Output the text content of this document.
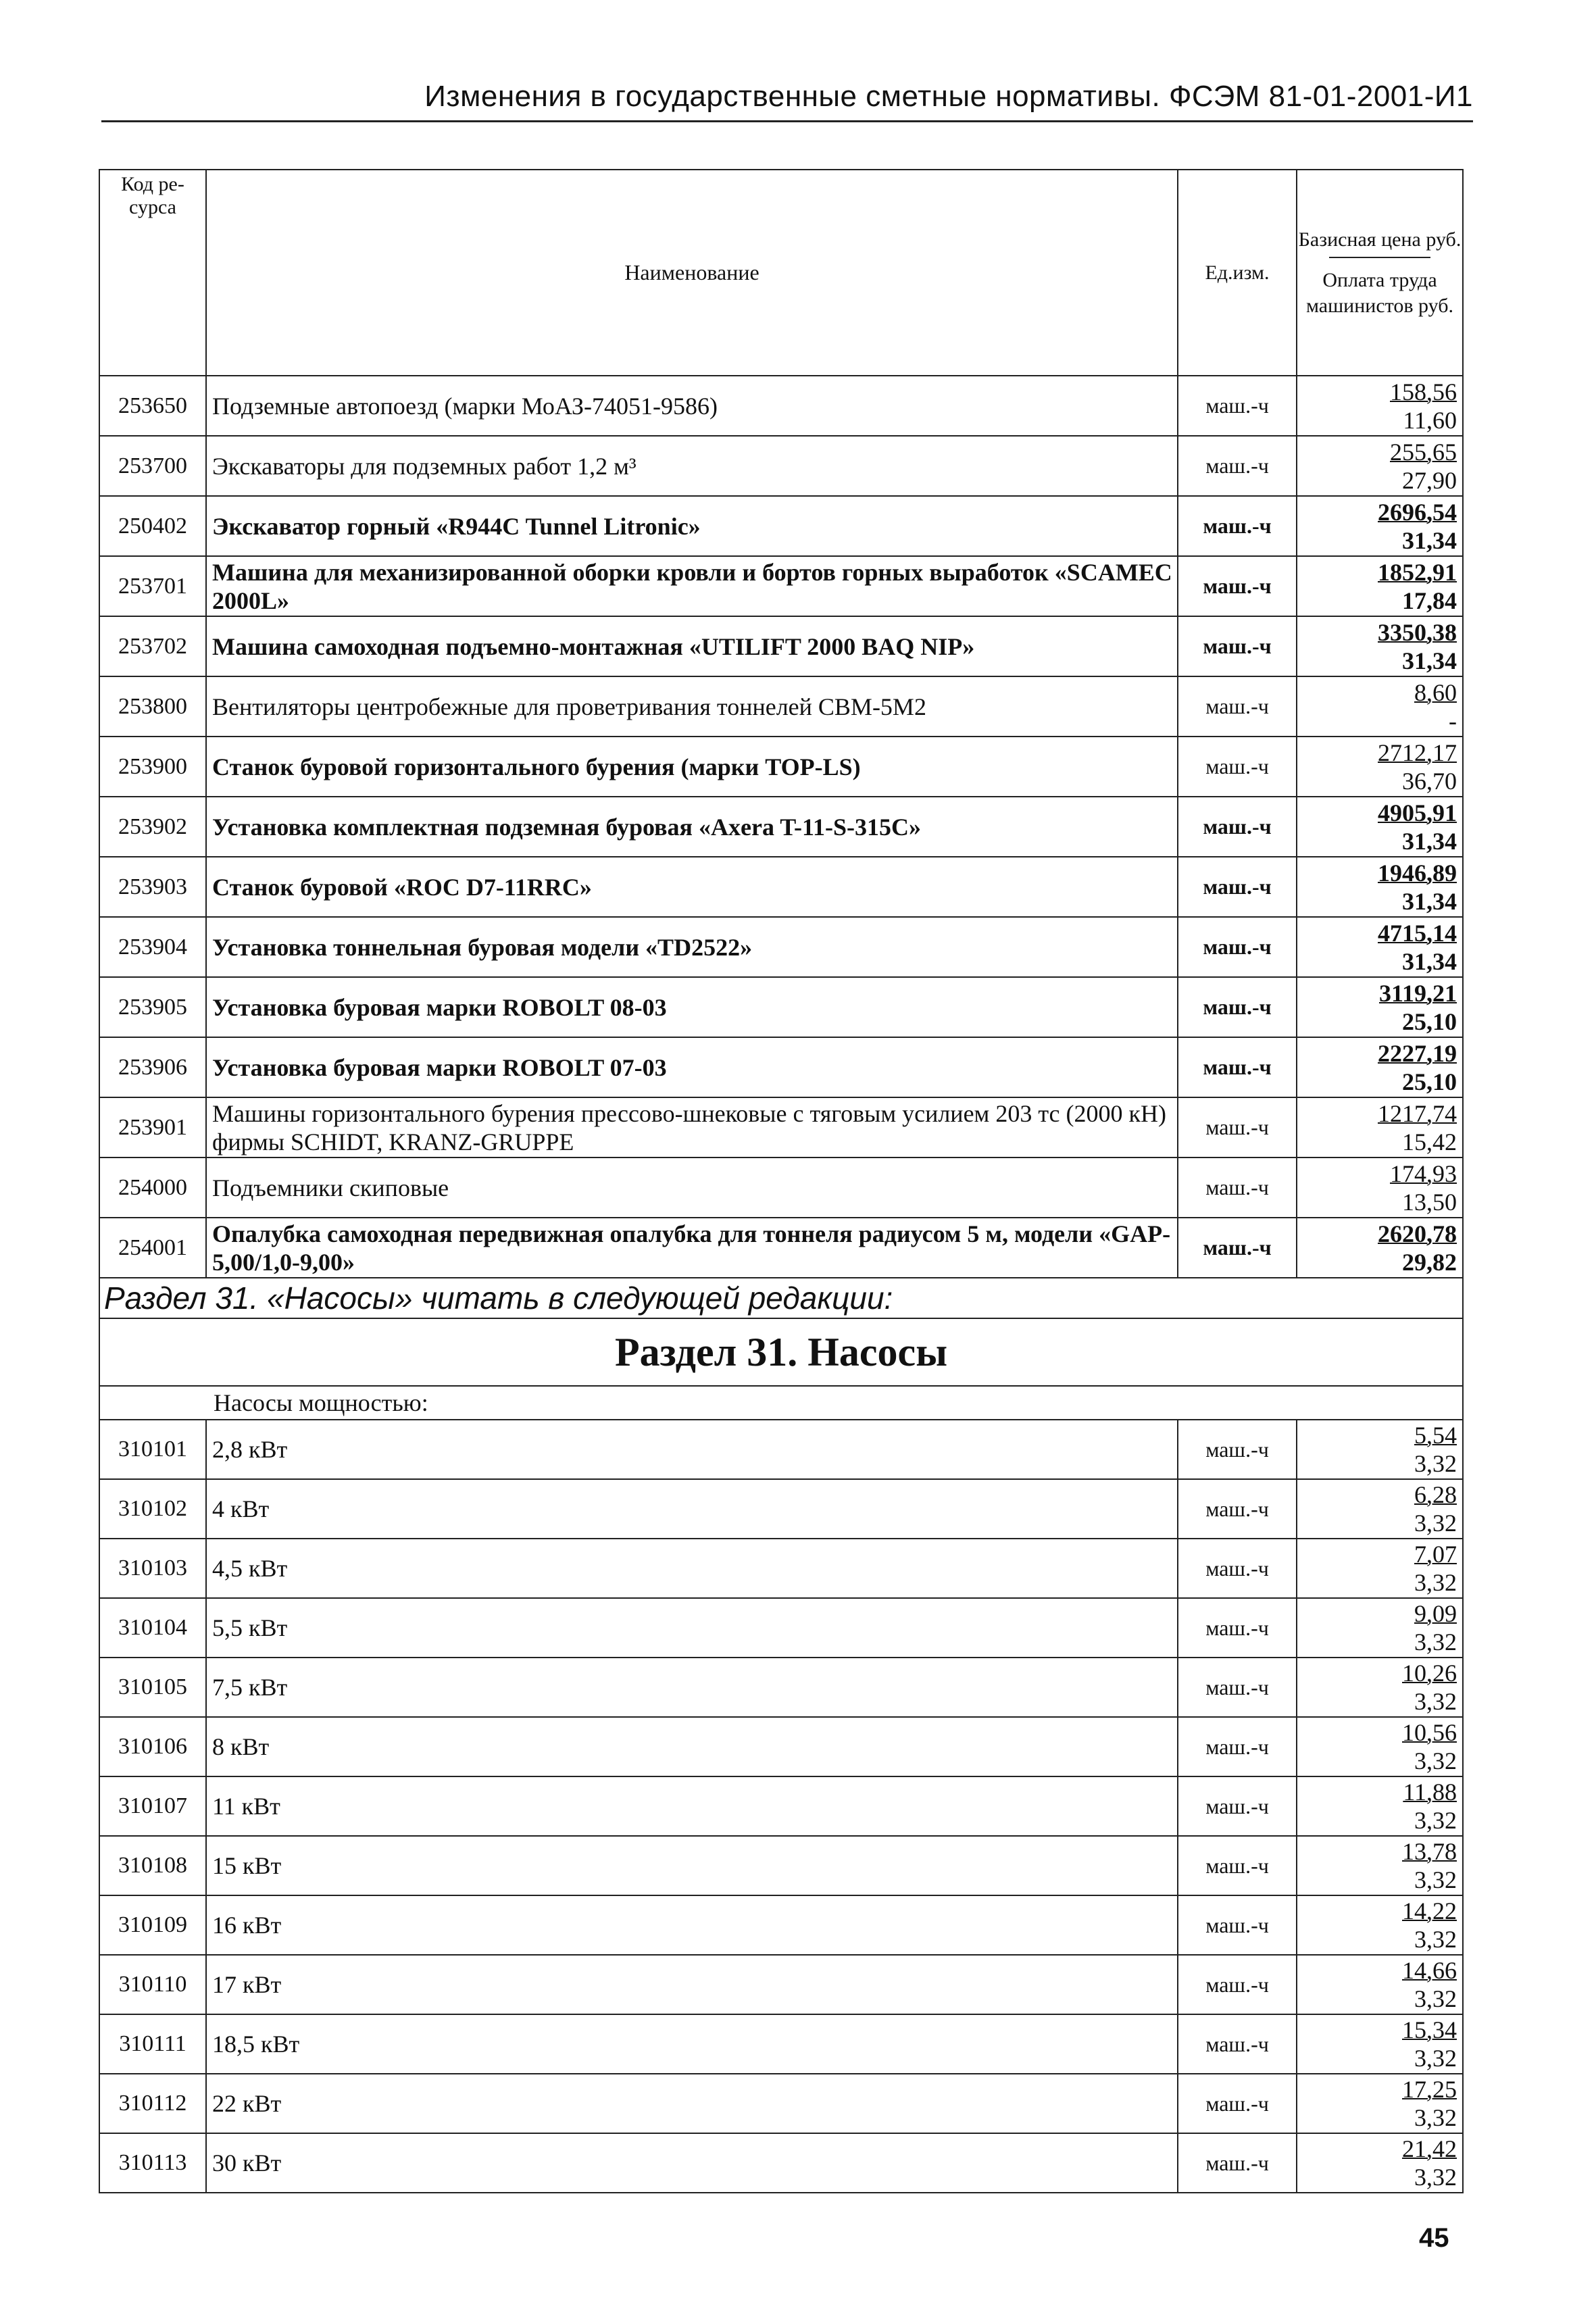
Изменения в государственные сметные нормативы. ФСЭМ 81-01-2001-И1
Код ре-сурса	Наименование	Ед.изм.	Базисная цена руб.
Оплата труда машинистов руб.

253650	Подземные автопоезд (марки МоАЗ-74051-9586)	маш.-ч	158,56
11,60

253700	Экскаваторы для подземных работ 1,2 м³	маш.-ч	255,65
27,90

250402	Экскаватор горный «R944C Tunnel Litronic»	маш.-ч	2696,54
31,34

253701	Машина для механизированной оборки кровли и бортов горных выработок «SCAMEC 2000L»	маш.-ч	1852,91
17,84

253702	Машина самоходная подъемно-монтажная «UTILIFT 2000 BAQ NIP»	маш.-ч	3350,38
31,34

253800	Вентиляторы центробежные для проветривания тоннелей СВМ-5М2	маш.-ч	8,60
-

253900	Станок буровой горизонтального бурения (марки TOP-LS)	маш.-ч	2712,17
36,70

253902	Установка комплектная подземная буровая «Axera T-11-S-315C»	маш.-ч	4905,91
31,34

253903	Станок буровой «ROC D7-11RRC»	маш.-ч	1946,89
31,34

253904	Установка тоннельная буровая модели «TD2522»	маш.-ч	4715,14
31,34

253905	Установка буровая марки ROBOLT 08-03	маш.-ч	3119,21
25,10

253906	Установка буровая марки ROBOLT 07-03	маш.-ч	2227,19
25,10

253901	Машины горизонтального бурения прессово-шнековые с тяговым усилием 203 тс (2000 кН) фирмы SCHIDT, KRANZ-GRUPPE	маш.-ч	1217,74
15,42

254000	Подъемники скиповые	маш.-ч	174,93
13,50

254001	Опалубка самоходная передвижная опалубка для тоннеля радиусом 5 м, модели «GAP-5,00/1,0-9,00»	маш.-ч	2620,78
29,82

Раздел 31. «Насосы» читать в следующей редакции:			
Раздел 31. Насосы			
Насосы мощностью:			
310101	2,8 кВт	маш.-ч	5,54
3,32

310102	4 кВт	маш.-ч	6,28
3,32

310103	4,5 кВт	маш.-ч	7,07
3,32

310104	5,5 кВт	маш.-ч	9,09
3,32

310105	7,5 кВт	маш.-ч	10,26
3,32

310106	8 кВт	маш.-ч	10,56
3,32

310107	11 кВт	маш.-ч	11,88
3,32

310108	15 кВт	маш.-ч	13,78
3,32

310109	16 кВт	маш.-ч	14,22
3,32

310110	17 кВт	маш.-ч	14,66
3,32

310111	18,5 кВт	маш.-ч	15,34
3,32

310112	22 кВт	маш.-ч	17,25
3,32

310113	30 кВт	маш.-ч	21,42
3,32
45
